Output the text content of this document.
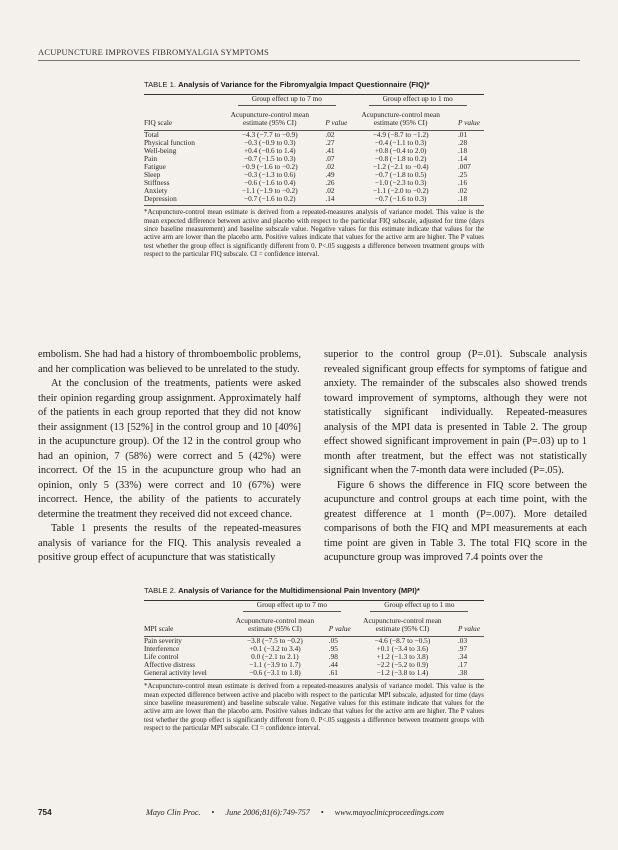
ACUPUNCTURE IMPROVES FIBROMYALGIA SYMPTOMS
TABLE 1. Analysis of Variance for the Fibromyalgia Impact Questionnaire (FIQ)*
	Group effect up to 7 mo		Group effect up to 1 mo	
FIQ scale	Acupuncture-control mean estimate (95% CI)	P value	Acupuncture-control mean estimate (95% CI)	P value

Total	−4.3 (−7.7 to −0.9)	.02	−4.9 (−8.7 to −1.2)	.01
Physical function	−0.3 (−0.9 to 0.3)	.27	−0.4 (−1.1 to 0.3)	.28
Well-being	+0.4 (−0.6 to 1.4)	.41	+0.8 (−0.4 to 2.0)	.18
Pain	−0.7 (−1.5 to 0.3)	.07	−0.8 (−1.8 to 0.2)	.14
Fatigue	−0.9 (−1.6 to −0.2)	.02	−1.2 (−2.1 to −0.4)	.007
Sleep	−0.3 (−1.3 to 0.6)	.49	−0.7 (−1.8 to 0.5)	.25
Stiffness	−0.6 (−1.6 to 0.4)	.26	−1.0 (−2.3 to 0.3)	.16
Anxiety	−1.1 (−1.9 to −0.2)	.02	−1.1 (−2.0 to −0.2)	.02
Depression	−0.7 (−1.6 to 0.2)	.14	−0.7 (−1.6 to 0.3)	.18
*Acupuncture-control mean estimate is derived from a repeated-measures analysis of variance model. This value is the mean expected difference between active and placebo with respect to the particular FIQ subscale, adjusted for time (days since baseline measurement) and baseline subscale value. Negative values for this estimate indicate that values for the active arm are lower than the placebo arm. Positive values indicate that values for the active arm are higher. The P values test whether the group effect is significantly different from 0. P<.05 suggests a difference between treatment groups with respect to the particular FIQ subscale. CI = confidence interval.

embolism. She had had a history of thromboembolic problems, and her complication was believed to be unrelated to the study.

At the conclusion of the treatments, patients were asked their opinion regarding group assignment. Approximately half of the patients in each group reported that they did not know their assignment (13 [52%] in the control group and 10 [40%] in the acupuncture group). Of the 12 in the control group who had an opinion, 7 (58%) were correct and 5 (42%) were incorrect. Of the 15 in the acupuncture group who had an opinion, only 5 (33%) were correct and 10 (67%) were incorrect. Hence, the ability of the patients to accurately determine the treatment they received did not exceed chance.

Table 1 presents the results of the repeated-measures analysis of variance for the FIQ. This analysis revealed a positive group effect of acupuncture that was statistically

superior to the control group (P=.01). Subscale analysis revealed significant group effects for symptoms of fatigue and anxiety. The remainder of the subscales also showed trends toward improvement of symptoms, although they were not statistically significant individually. Repeated-measures analysis of the MPI data is presented in Table 2. The group effect showed significant improvement in pain (P=.03) up to 1 month after treatment, but the effect was not statistically significant when the 7-month data were included (P=.05).

Figure 6 shows the difference in FIQ score between the acupuncture and control groups at each time point, with the greatest difference at 1 month (P=.007). More detailed comparisons of both the FIQ and MPI measurements at each time point are given in Table 3. The total FIQ score in the acupuncture group was improved 7.4 points over the

TABLE 2. Analysis of Variance for the Multidimensional Pain Inventory (MPI)*
	Group effect up to 7 mo		Group effect up to 1 mo	
MPI scale	Acupuncture-control mean estimate (95% CI)	P value	Acupuncture-control mean estimate (95% CI)	P value

Pain severity	−3.8 (−7.5 to −0.2)	.05	−4.6 (−8.7 to −0.5)	.03
Interference	+0.1 (−3.2 to 3.4)	.95	+0.1 (−3.4 to 3.6)	.97
Life control	0.0 (−2.1 to 2.1)	.98	+1.2 (−1.3 to 3.8)	.34
Affective distress	−1.1 (−3.9 to 1.7)	.44	−2.2 (−5.2 to 0.9)	.17
General activity level	−0.6 (−3.1 to 1.8)	.61	−1.2 (−3.8 to 1.4)	.38
*Acupuncture-control mean estimate is derived from a repeated-measures analysis of variance model. This value is the mean expected difference between active and placebo with respect to the particular MPI subscale, adjusted for time (days since baseline measurement) and baseline subscale value. Negative values for this estimate indicate that values for the active arm are lower than the placebo arm. Positive values indicate that values for the active arm are higher. The P values test whether the group effect is significantly different from 0. P<.05 suggests a difference between treatment groups with respect to the particular MPI subscale. CI = confidence interval.
754	Mayo Clin Proc. • June 2006;81(6):749-757 • www.mayoclinicproceedings.com
